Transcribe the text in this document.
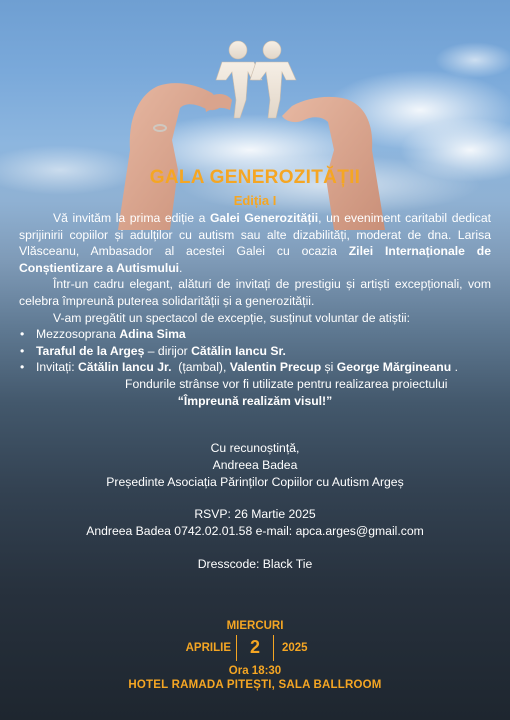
GALA GENEROZITĂȚII
Ediția I

Vă invităm la prima ediție a Galei Generozității, un eveniment caritabil dedicat sprijinirii copiilor și adulților cu autism sau alte dizabilități, moderat de dna. Larisa Vlăsceanu, Ambasador al acestei Galei cu ocazia Zilei Internaționale de Conștientizare a Autismului.

Într-un cadru elegant, alături de invitați de prestigiu și artiști excepționali, vom celebra împreună puterea solidarității și a generozității.

V-am pregătit un spectacol de excepție, susținut voluntar de atiștii:

• Mezzosoprana Adina Sima
• Taraful de la Argeș – dirijor Cătălin Iancu Sr.
• Invitați: Cătălin Iancu Jr.  (țambal), Valentin Precup și George Mărgineanu .

Fondurile strânse vor fi utilizate pentru realizarea proiectului

“Împreună realizăm visul!”

Cu recunoștință,
Andreea Badea
Președinte Asociația Părinților Copiilor cu Autism Argeș
RSVP: 26 Martie 2025
Andreea Badea 0742.02.01.58 e-mail: apca.arges@gmail.com
Dresscode: Black Tie
MIERCURI
APRILIE	2	2025
Ora 18:30
HOTEL RAMADA PITEȘTI, SALA BALLROOM
